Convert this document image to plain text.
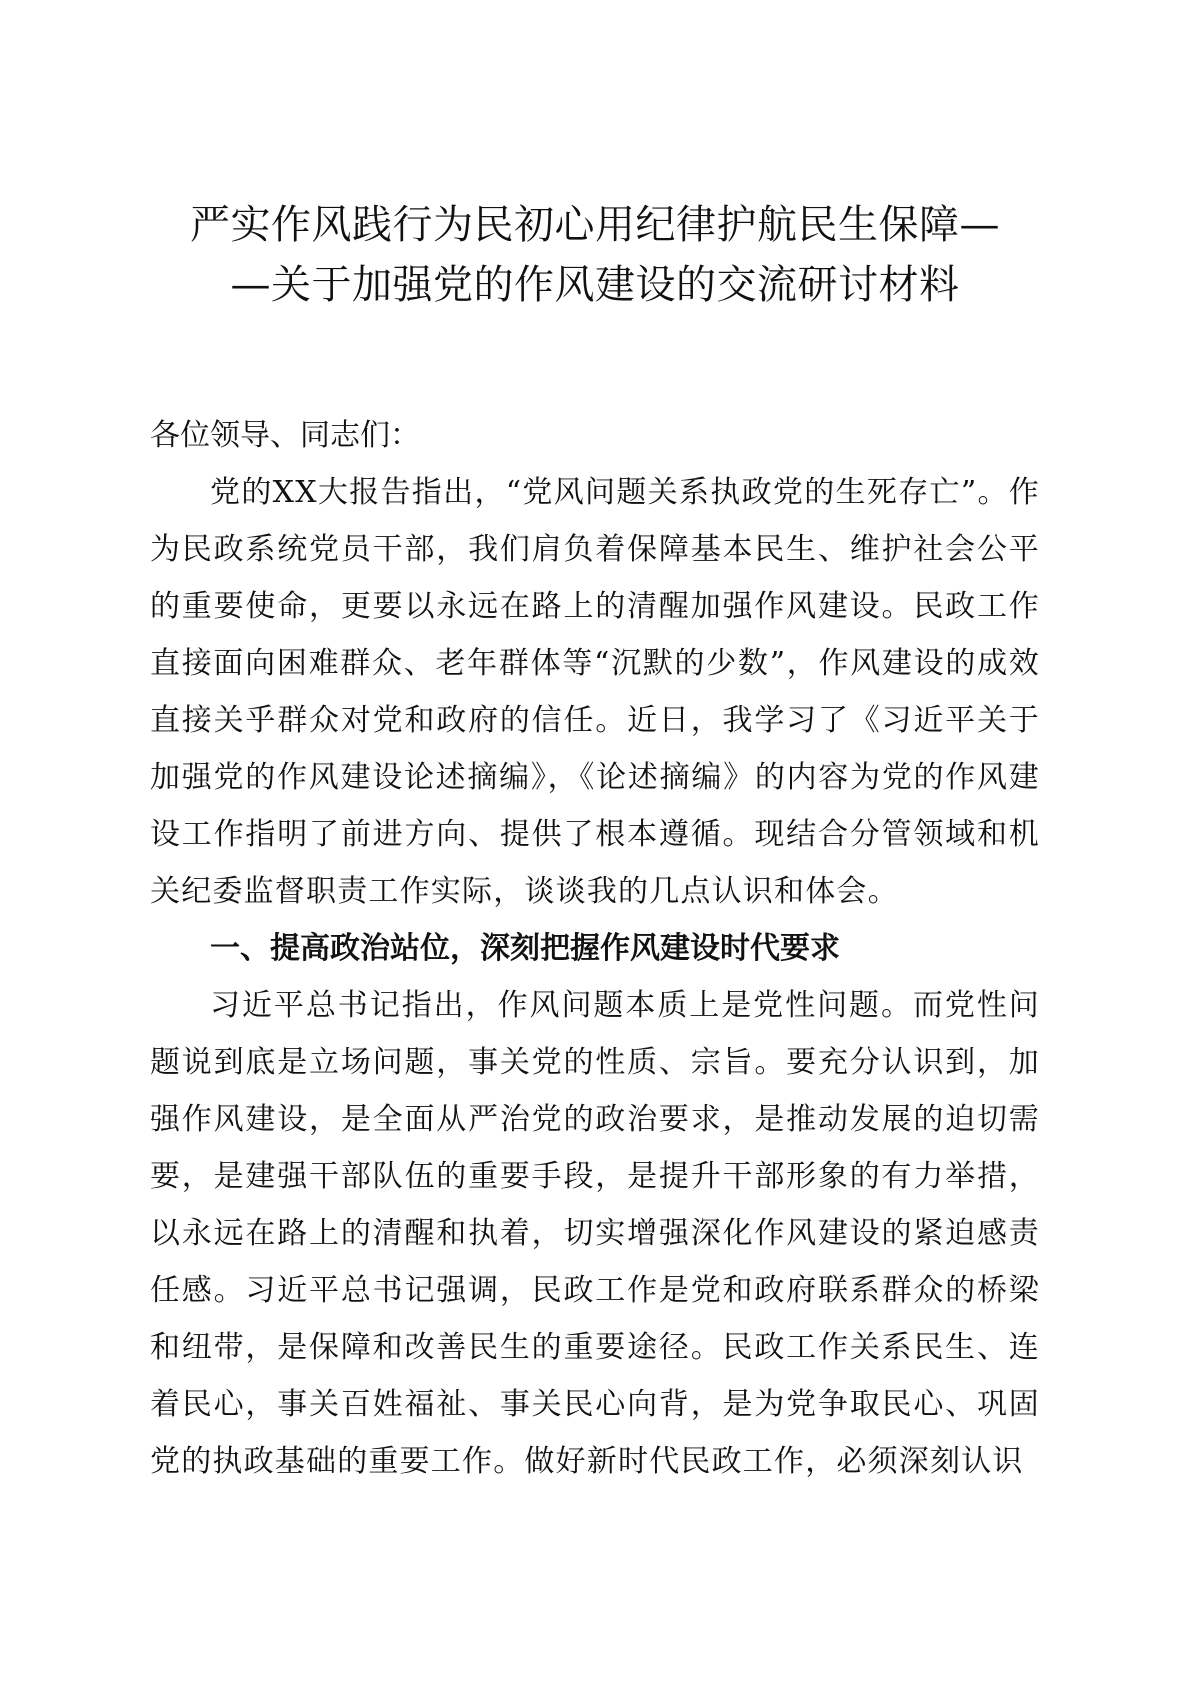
严实作风践行为民初心用纪律护航民生保障—
—关于加强党的作风建设的交流研讨材料

各位领导、同志们：

党的XX大报告指出，“党风问题关系执政党的生死存亡”。作为民政系统党员干部，我们肩负着保障基本民生、维护社会公平的重要使命，更要以永远在路上的清醒加强作风建设。民政工作直接面向困难群众、老年群体等“沉默的少数”，作风建设的成效直接关乎群众对党和政府的信任。近日，我学习了《习近平关于加强党的作风建设论述摘编》，《论述摘编》的内容为党的作风建设工作指明了前进方向、提供了根本遵循。现结合分管领域和机关纪委监督职责工作实际，谈谈我的几点认识和体会。

一、提高政治站位，深刻把握作风建设时代要求

习近平总书记指出，作风问题本质上是党性问题。而党性问题说到底是立场问题，事关党的性质、宗旨。要充分认识到，加强作风建设，是全面从严治党的政治要求，是推动发展的迫切需要，是建强干部队伍的重要手段，是提升干部形象的有力举措，以永远在路上的清醒和执着，切实增强深化作风建设的紧迫感责任感。习近平总书记强调，民政工作是党和政府联系群众的桥梁和纽带，是保障和改善民生的重要途径。民政工作关系民生、连着民心，事关百姓福祉、事关民心向背，是为党争取民心、巩固党的执政基础的重要工作。做好新时代民政工作，必须深刻认识
